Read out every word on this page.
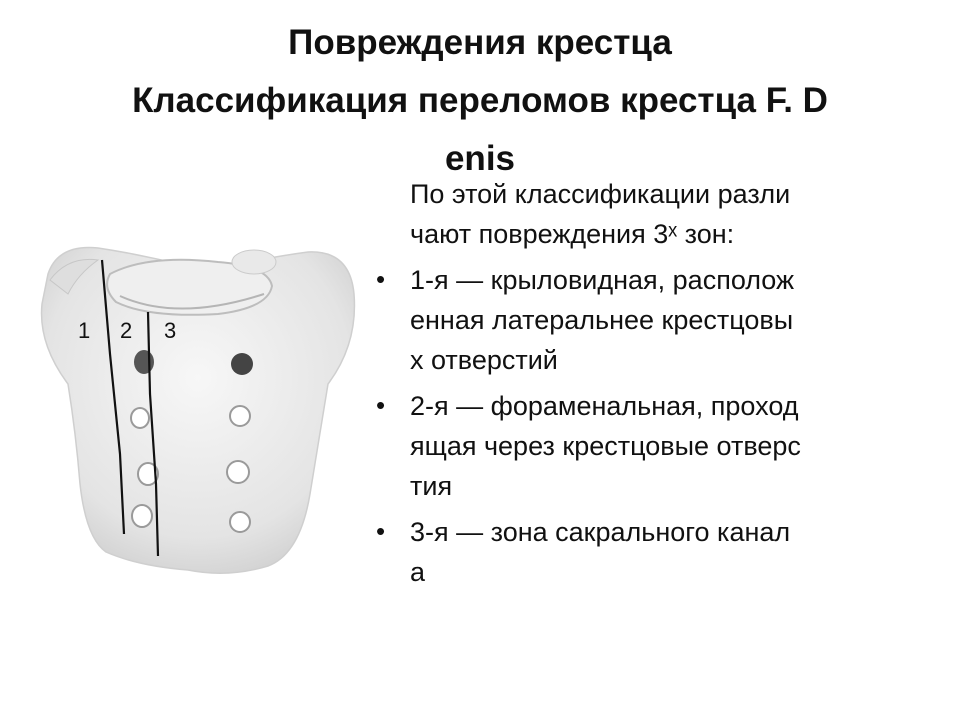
Повреждения крестца
Классификация переломов крестца F. D
enis
1 2 3
По этой классификации разли
чают повреждения 3ˣ зон:
• 1-я — крыловидная, располож
енная латеральнее крестцовы
х отверстий
• 2-я — фораменальная, проход
ящая через крестцовые отверс
тия
• 3-я — зона сакрального канал
а
